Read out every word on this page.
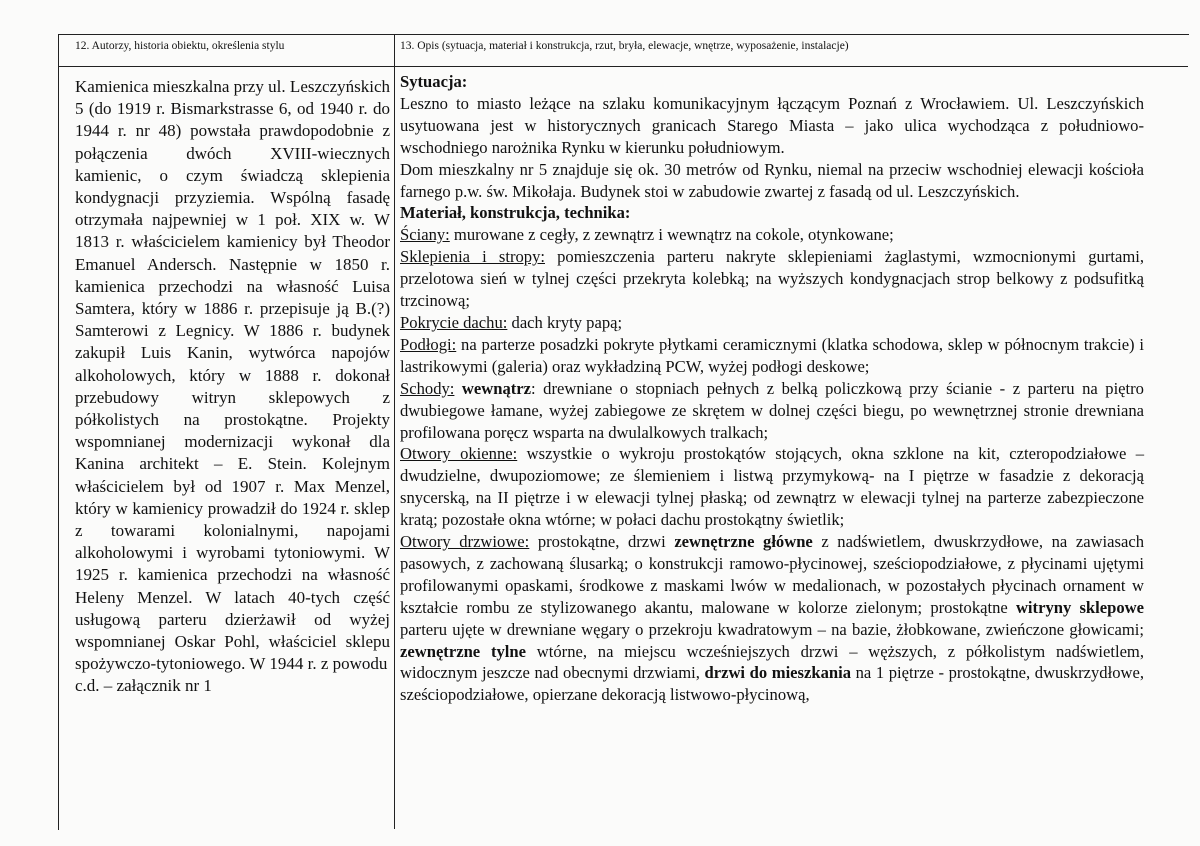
12. Autorzy, historia obiektu, określenia stylu	13. Opis (sytuacja, materiał i konstrukcja, rzut, bryła, elewacje, wnętrze, wyposażenie, instalacje)

Kamienica mieszkalna przy ul. Leszczyńskich 5 (do 1919 r. Bismarkstrasse 6, od 1940 r. do 1944 r. nr 48) powstała prawdopodobnie z połączenia dwóch XVIII-wiecznych kamienic, o czym świadczą sklepienia kondygnacji przyziemia. Wspólną fasadę otrzymała najpewniej w 1 poł. XIX w. W 1813 r. właścicielem kamienicy był Theodor Emanuel Andersch. Następnie w 1850 r. kamienica przechodzi na własność Luisa Samtera, który w 1886 r. przepisuje ją B.(?) Samterowi z Legnicy. W 1886 r. budynek zakupił Luis Kanin, wytwórca napojów alkoholowych, który w 1888 r. dokonał przebudowy witryn sklepowych z półkolistych na prostokątne. Projekty wspomnianej modernizacji wykonał dla Kanina architekt – E. Stein. Kolejnym właścicielem był od 1907 r. Max Menzel, który w kamienicy prowadził do 1924 r. sklep z towarami kolonialnymi, napojami alkoholowymi i wyrobami tytoniowymi. W 1925 r. kamienica przechodzi na własność Heleny Menzel. W latach 40-tych część usługową parteru dzierżawił od wyżej wspomnianej Oskar Pohl, właściciel sklepu spożywczo-tytoniowego. W 1944 r. z powodu

c.d. – załącznik nr 1

Sytuacja:

Leszno to miasto leżące na szlaku komunikacyjnym łączącym Poznań z Wrocławiem. Ul. Leszczyńskich usytuowana jest w historycznych granicach Starego Miasta – jako ulica wychodząca z południowo-wschodniego narożnika Rynku w kierunku południowym.

Dom mieszkalny nr 5 znajduje się ok. 30 metrów od Rynku, niemal na przeciw wschodniej elewacji kościoła farnego p.w. św. Mikołaja. Budynek stoi w zabudowie zwartej z fasadą od ul. Leszczyńskich.

Materiał, konstrukcja, technika:

Ściany: murowane z cegły, z zewnątrz i wewnątrz na cokole, otynkowane;

Sklepienia i stropy: pomieszczenia parteru nakryte sklepieniami żaglastymi, wzmocnionymi gurtami, przelotowa sień w tylnej części przekryta kolebką; na wyższych kondygnacjach strop belkowy z podsufitką trzcinową;

Pokrycie dachu: dach kryty papą;

Podłogi: na parterze posadzki pokryte płytkami ceramicznymi (klatka schodowa, sklep w północnym trakcie) i lastrikowymi (galeria) oraz wykładziną PCW, wyżej podłogi deskowe;

Schody: wewnątrz: drewniane o stopniach pełnych z belką policzkową przy ścianie - z parteru na piętro dwubiegowe łamane, wyżej zabiegowe ze skrętem w dolnej części biegu, po wewnętrznej stronie drewniana profilowana poręcz wsparta na dwulalkowych tralkach;

Otwory okienne: wszystkie o wykroju prostokątów stojących, okna szklone na kit, czteropodziałowe – dwudzielne, dwupoziomowe; ze ślemieniem i listwą przymykową- na I piętrze w fasadzie z dekoracją snycerską, na II piętrze i w elewacji tylnej płaską; od zewnątrz w elewacji tylnej na parterze zabezpieczone kratą; pozostałe okna wtórne; w połaci dachu prostokątny świetlik;

Otwory drzwiowe: prostokątne, drzwi zewnętrzne główne z nadświetlem, dwuskrzydłowe, na zawiasach pasowych, z zachowaną ślusarką; o konstrukcji ramowo-płycinowej, sześciopodziałowe, z płycinami ujętymi profilowanymi opaskami, środkowe z maskami lwów w medalionach, w pozostałych płycinach ornament w kształcie rombu ze stylizowanego akantu, malowane w kolorze zielonym; prostokątne witryny sklepowe parteru ujęte w drewniane węgary o przekroju kwadratowym – na bazie, żłobkowane, zwieńczone głowicami; zewnętrzne tylne wtórne, na miejscu wcześniejszych drzwi – węższych, z półkolistym nadświetlem, widocznym jeszcze nad obecnymi drzwiami, drzwi do mieszkania na 1 piętrze - prostokątne, dwuskrzydłowe, sześciopodziałowe, opierzane dekoracją listwowo-płycinową,
